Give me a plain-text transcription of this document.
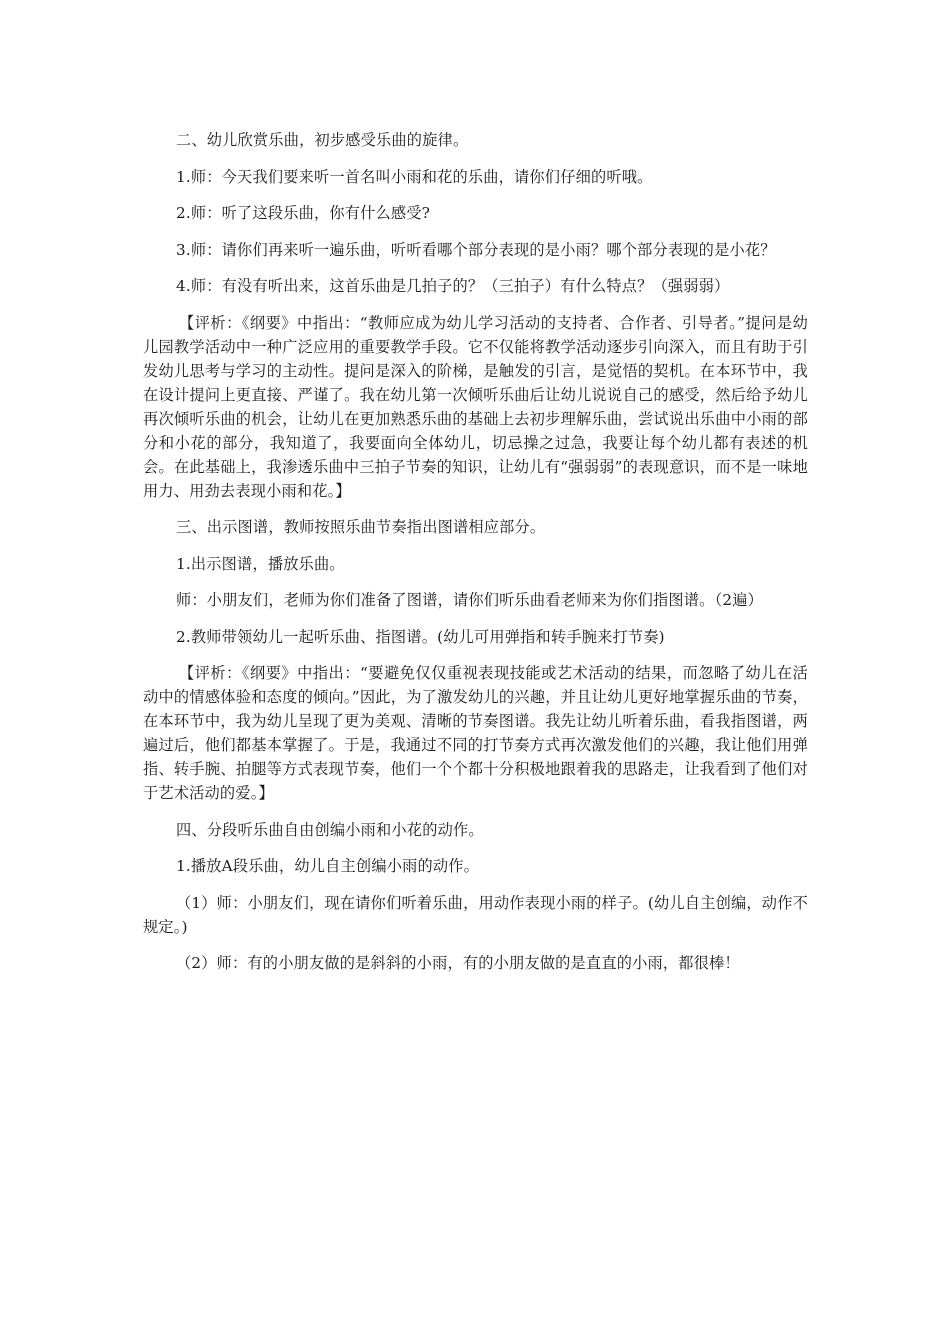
二、幼儿欣赏乐曲，初步感受乐曲的旋律。

1.师：今天我们要来听一首名叫小雨和花的乐曲，请你们仔细的听哦。

2.师：听了这段乐曲，你有什么感受?

3.师：请你们再来听一遍乐曲，听听看哪个部分表现的是小雨？哪个部分表现的是小花？

4.师：有没有听出来，这首乐曲是几拍子的？（三拍子）有什么特点？（强弱弱）

【评析：《纲要》中指出：“教师应成为幼儿学习活动的支持者、合作者、引导者。”提问是幼儿园教学活动中一种广泛应用的重要教学手段。它不仅能将教学活动逐步引向深入，而且有助于引发幼儿思考与学习的主动性。提问是深入的阶梯，是触发的引言，是觉悟的契机。在本环节中，我在设计提问上更直接、严谨了。我在幼儿第一次倾听乐曲后让幼儿说说自己的感受，然后给予幼儿再次倾听乐曲的机会，让幼儿在更加熟悉乐曲的基础上去初步理解乐曲，尝试说出乐曲中小雨的部分和小花的部分，我知道了，我要面向全体幼儿，切忌操之过急，我要让每个幼儿都有表述的机会。在此基础上，我渗透乐曲中三拍子节奏的知识，让幼儿有“强弱弱”的表现意识，而不是一味地用力、用劲去表现小雨和花。】

三、出示图谱，教师按照乐曲节奏指出图谱相应部分。

1.出示图谱，播放乐曲。

师：小朋友们，老师为你们准备了图谱，请你们听乐曲看老师来为你们指图谱。（2遍）

2.教师带领幼儿一起听乐曲、指图谱。(幼儿可用弹指和转手腕来打节奏)

【评析：《纲要》中指出：“要避免仅仅重视表现技能或艺术活动的结果，而忽略了幼儿在活动中的情感体验和态度的倾向。”因此，为了激发幼儿的兴趣，并且让幼儿更好地掌握乐曲的节奏，在本环节中，我为幼儿呈现了更为美观、清晰的节奏图谱。我先让幼儿听着乐曲，看我指图谱，两遍过后，他们都基本掌握了。于是，我通过不同的打节奏方式再次激发他们的兴趣，我让他们用弹指、转手腕、拍腿等方式表现节奏，他们一个个都十分积极地跟着我的思路走，让我看到了他们对于艺术活动的爱。】

四、分段听乐曲自由创编小雨和小花的动作。

1.播放A段乐曲，幼儿自主创编小雨的动作。

（1）师：小朋友们，现在请你们听着乐曲，用动作表现小雨的样子。(幼儿自主创编，动作不规定。)

（2）师：有的小朋友做的是斜斜的小雨，有的小朋友做的是直直的小雨，都很棒！
